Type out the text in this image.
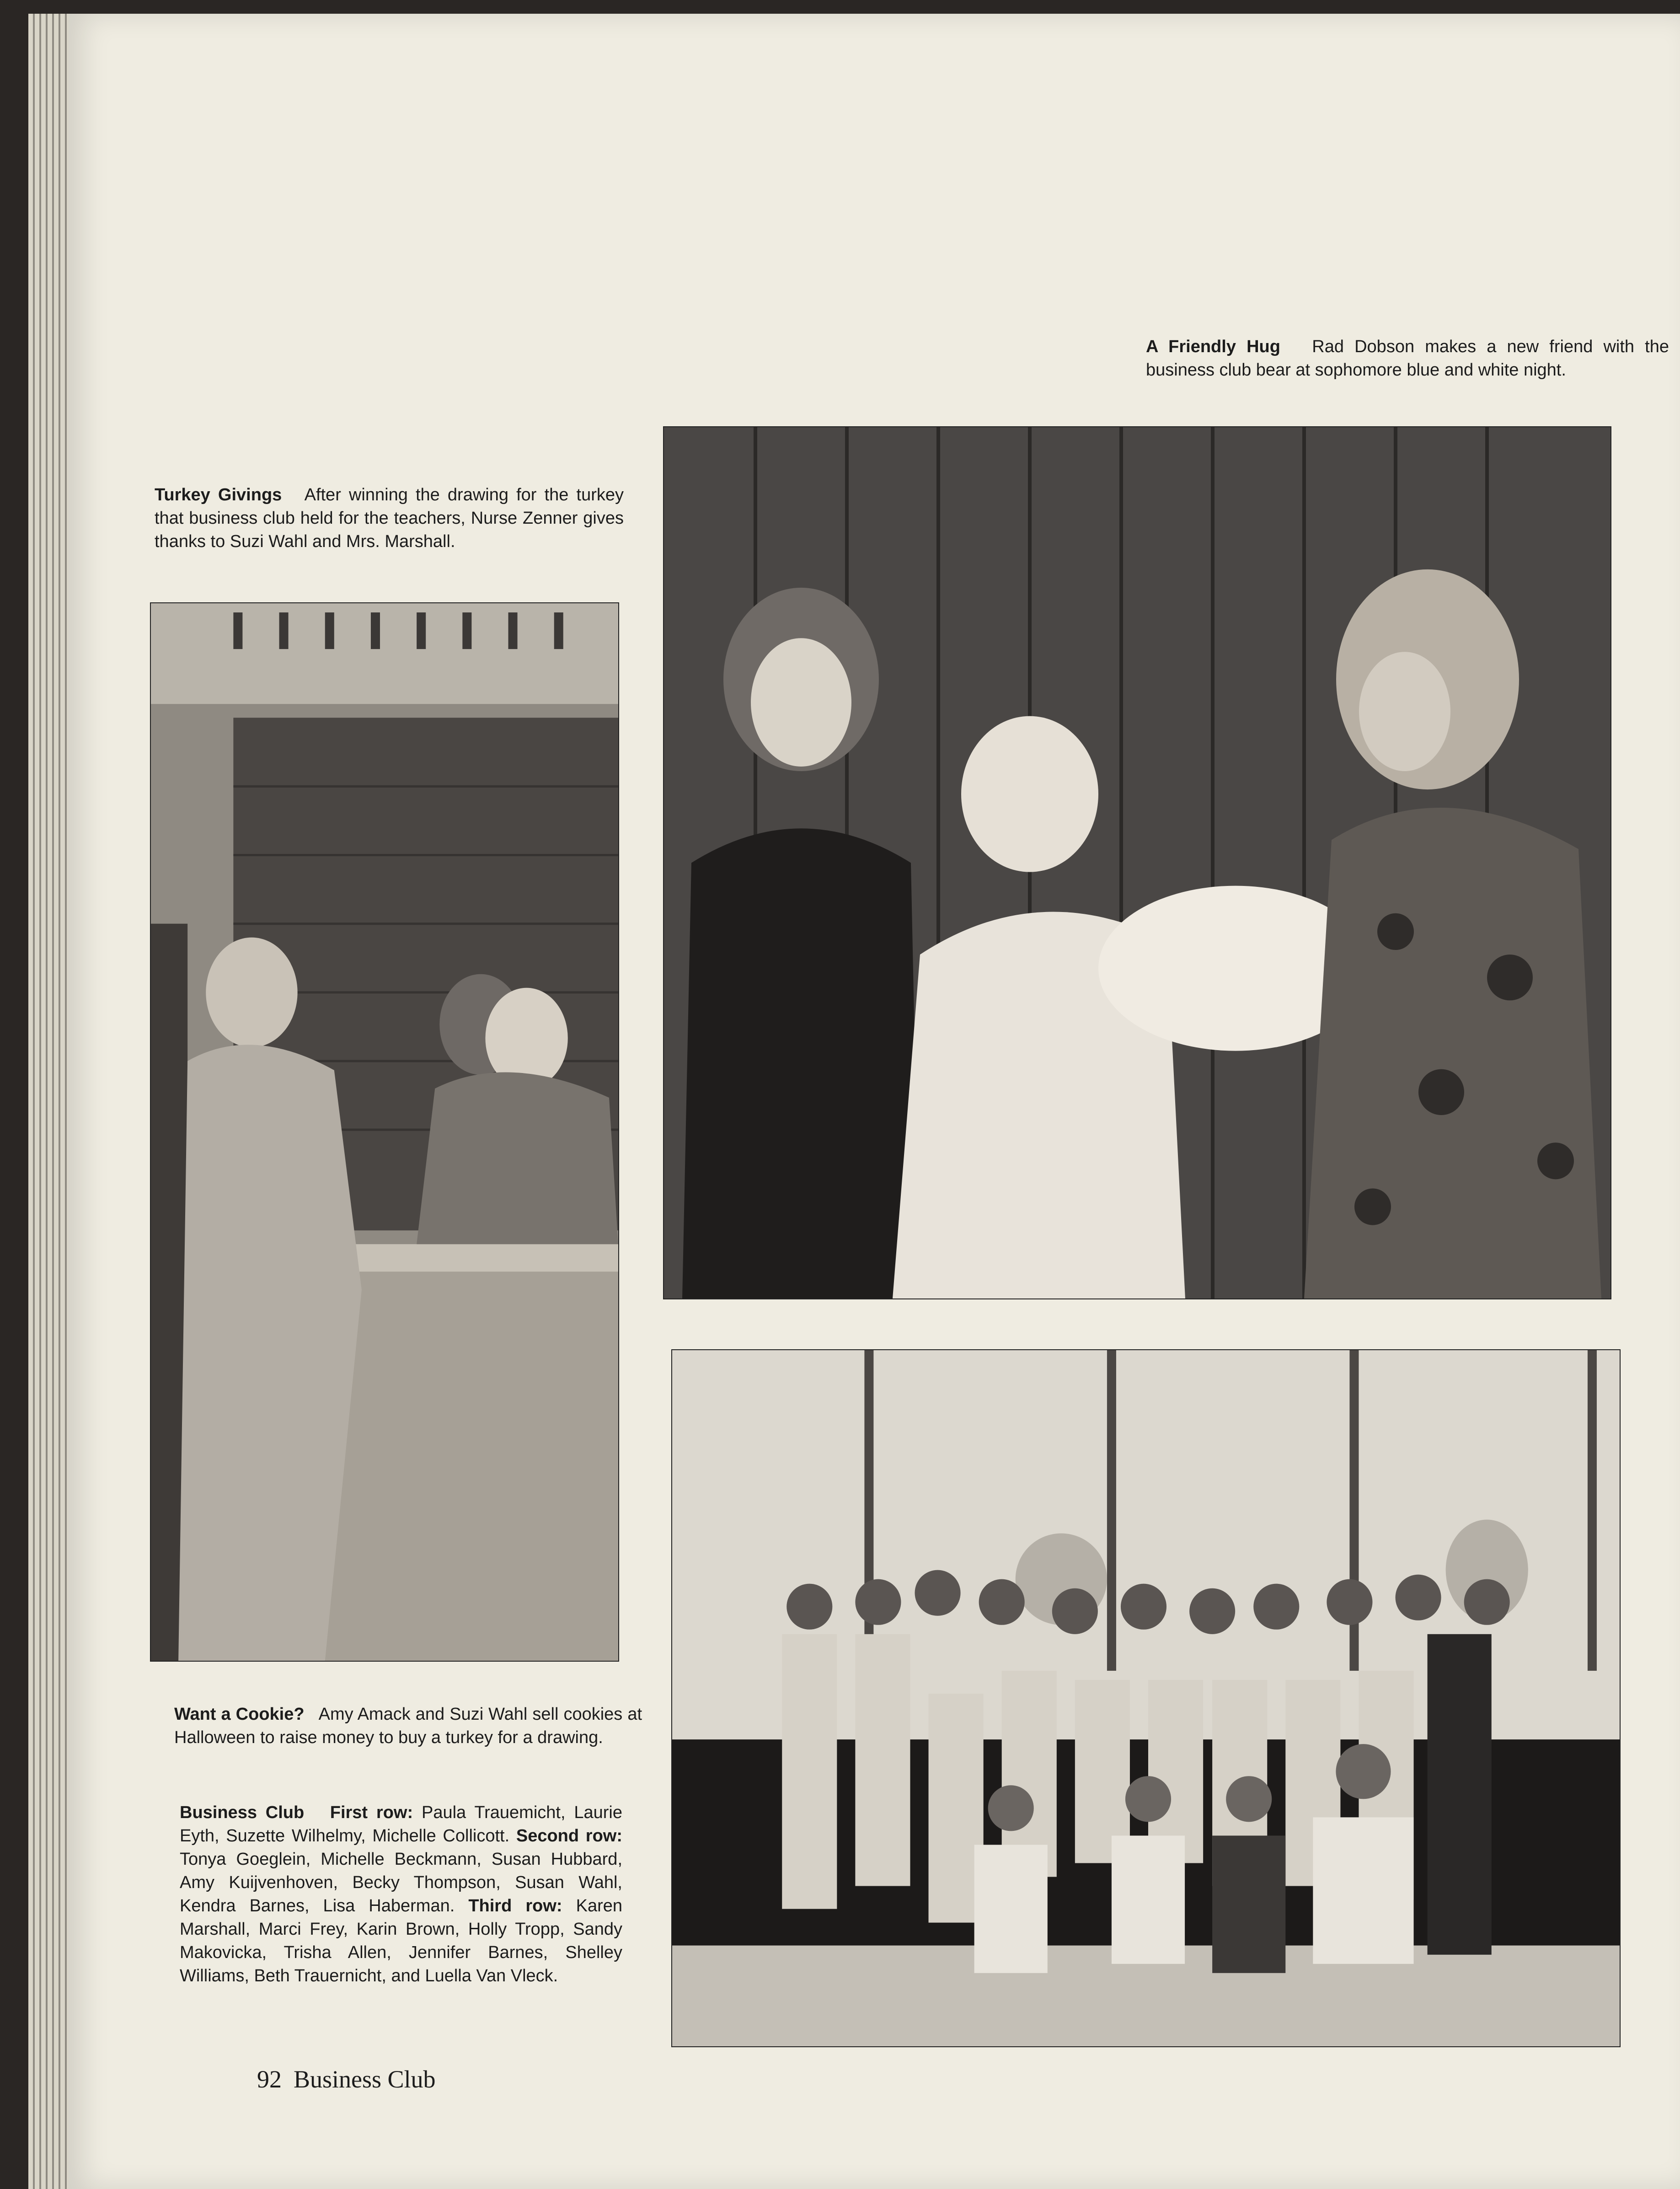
A Friendly Hug Rad Dobson makes a new friend with the business club bear at sophomore blue and white night.

Turkey Givings After winning the drawing for the turkey that business club held for the teachers, Nurse Zenner gives thanks to Suzi Wahl and Mrs. Marshall.

Want a Cookie? Amy Amack and Suzi Wahl sell cookies at Halloween to raise money to buy a turkey for a drawing.

Business Club First row: Paula Trauemicht, Laurie Eyth, Suzette Wilhelmy, Michelle Collicott. Second row: Tonya Goeglein, Michelle Beckmann, Susan Hubbard, Amy Kuijvenhoven, Becky Thompson, Susan Wahl, Kendra Barnes, Lisa Haberman. Third row: Karen Marshall, Marci Frey, Karin Brown, Holly Tropp, Sandy Makovicka, Trisha Allen, Jennifer Barnes, Shelley Williams, Beth Trauernicht, and Luella Van Vleck.

92 Business Club
